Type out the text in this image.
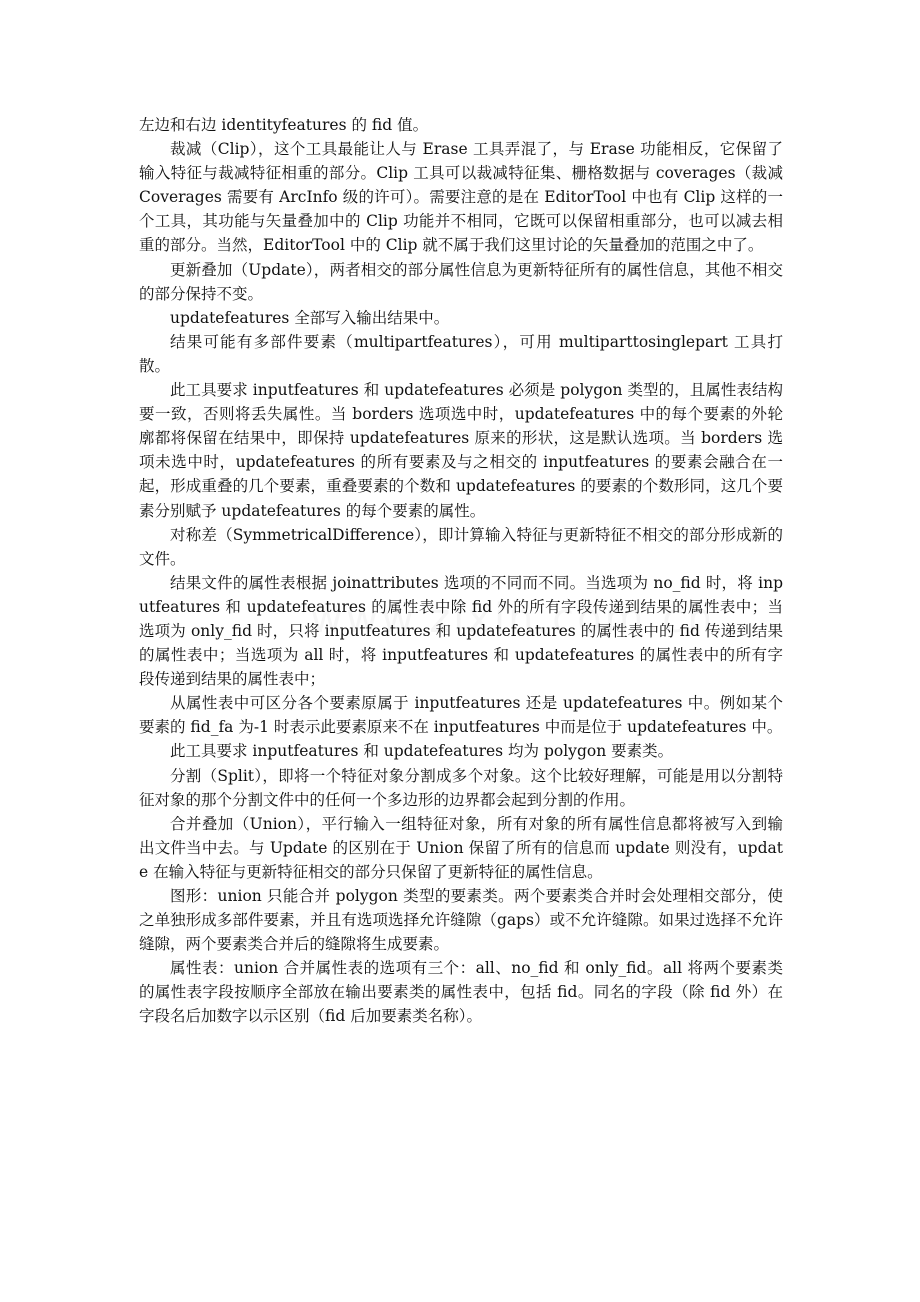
左边和右边 identityfeatures 的 fid 值。

裁减（Clip），这个工具最能让人与 Erase 工具弄混了，与 Erase 功能相反，它保留了输入特征与裁减特征相重的部分。Clip 工具可以裁减特征集、栅格数据与 coverages（裁减 Coverages 需要有 ArcInfo 级的许可）。需要注意的是在 EditorTool 中也有 Clip 这样的一个工具，其功能与矢量叠加中的 Clip 功能并不相同，它既可以保留相重部分，也可以减去相重的部分。当然，EditorTool 中的 Clip 就不属于我们这里讨论的矢量叠加的范围之中了。

更新叠加（Update），两者相交的部分属性信息为更新特征所有的属性信息，其他不相交的部分保持不变。

updatefeatures 全部写入输出结果中。

结果可能有多部件要素（multipartfeatures），可用 multiparttosinglepart 工具打散。

此工具要求 inputfeatures 和 updatefeatures 必须是 polygon 类型的，且属性表结构要一致，否则将丢失属性。当 borders 选项选中时，updatefeatures 中的每个要素的外轮廓都将保留在结果中，即保持 updatefeatures 原来的形状，这是默认选项。当 borders 选项未选中时，updatefeatures 的所有要素及与之相交的 inputfeatures 的要素会融合在一起，形成重叠的几个要素，重叠要素的个数和 updatefeatures 的要素的个数形同，这几个要素分别赋予 updatefeatures 的每个要素的属性。

对称差（SymmetricalDifference），即计算输入特征与更新特征不相交的部分形成新的文件。

结果文件的属性表根据 joinattributes 选项的不同而不同。当选项为 no_fid 时，将 inputfeatures 和 updatefeatures 的属性表中除 fid 外的所有字段传递到结果的属性表中；当选项为 only_fid 时，只将 inputfeatures 和 updatefeatures 的属性表中的 fid 传递到结果的属性表中；当选项为 all 时，将 inputfeatures 和 updatefeatures 的属性表中的所有字段传递到结果的属性表中；

从属性表中可区分各个要素原属于 inputfeatures 还是 updatefeatures 中。例如某个要素的 fid_fa 为-1 时表示此要素原来不在 inputfeatures 中而是位于 updatefeatures 中。

此工具要求 inputfeatures 和 updatefeatures 均为 polygon 要素类。

分割（Split），即将一个特征对象分割成多个对象。这个比较好理解，可能是用以分割特征对象的那个分割文件中的任何一个多边形的边界都会起到分割的作用。

合并叠加（Union），平行输入一组特征对象，所有对象的所有属性信息都将被写入到输出文件当中去。与 Update 的区别在于 Union 保留了所有的信息而 update 则没有，update 在输入特征与更新特征相交的部分只保留了更新特征的属性信息。

图形：union 只能合并 polygon 类型的要素类。两个要素类合并时会处理相交部分，使之单独形成多部件要素，并且有选项选择允许缝隙（gaps）或不允许缝隙。如果过选择不允许缝隙，两个要素类合并后的缝隙将生成要素。

属性表：union 合并属性表的选项有三个：all、no_fid 和 only_fid。all 将两个要素类的属性表字段按顺序全部放在输出要素类的属性表中，包括 fid。同名的字段（除 fid 外）在字段名后加数字以示区别（fid 后加要素类名称）。
